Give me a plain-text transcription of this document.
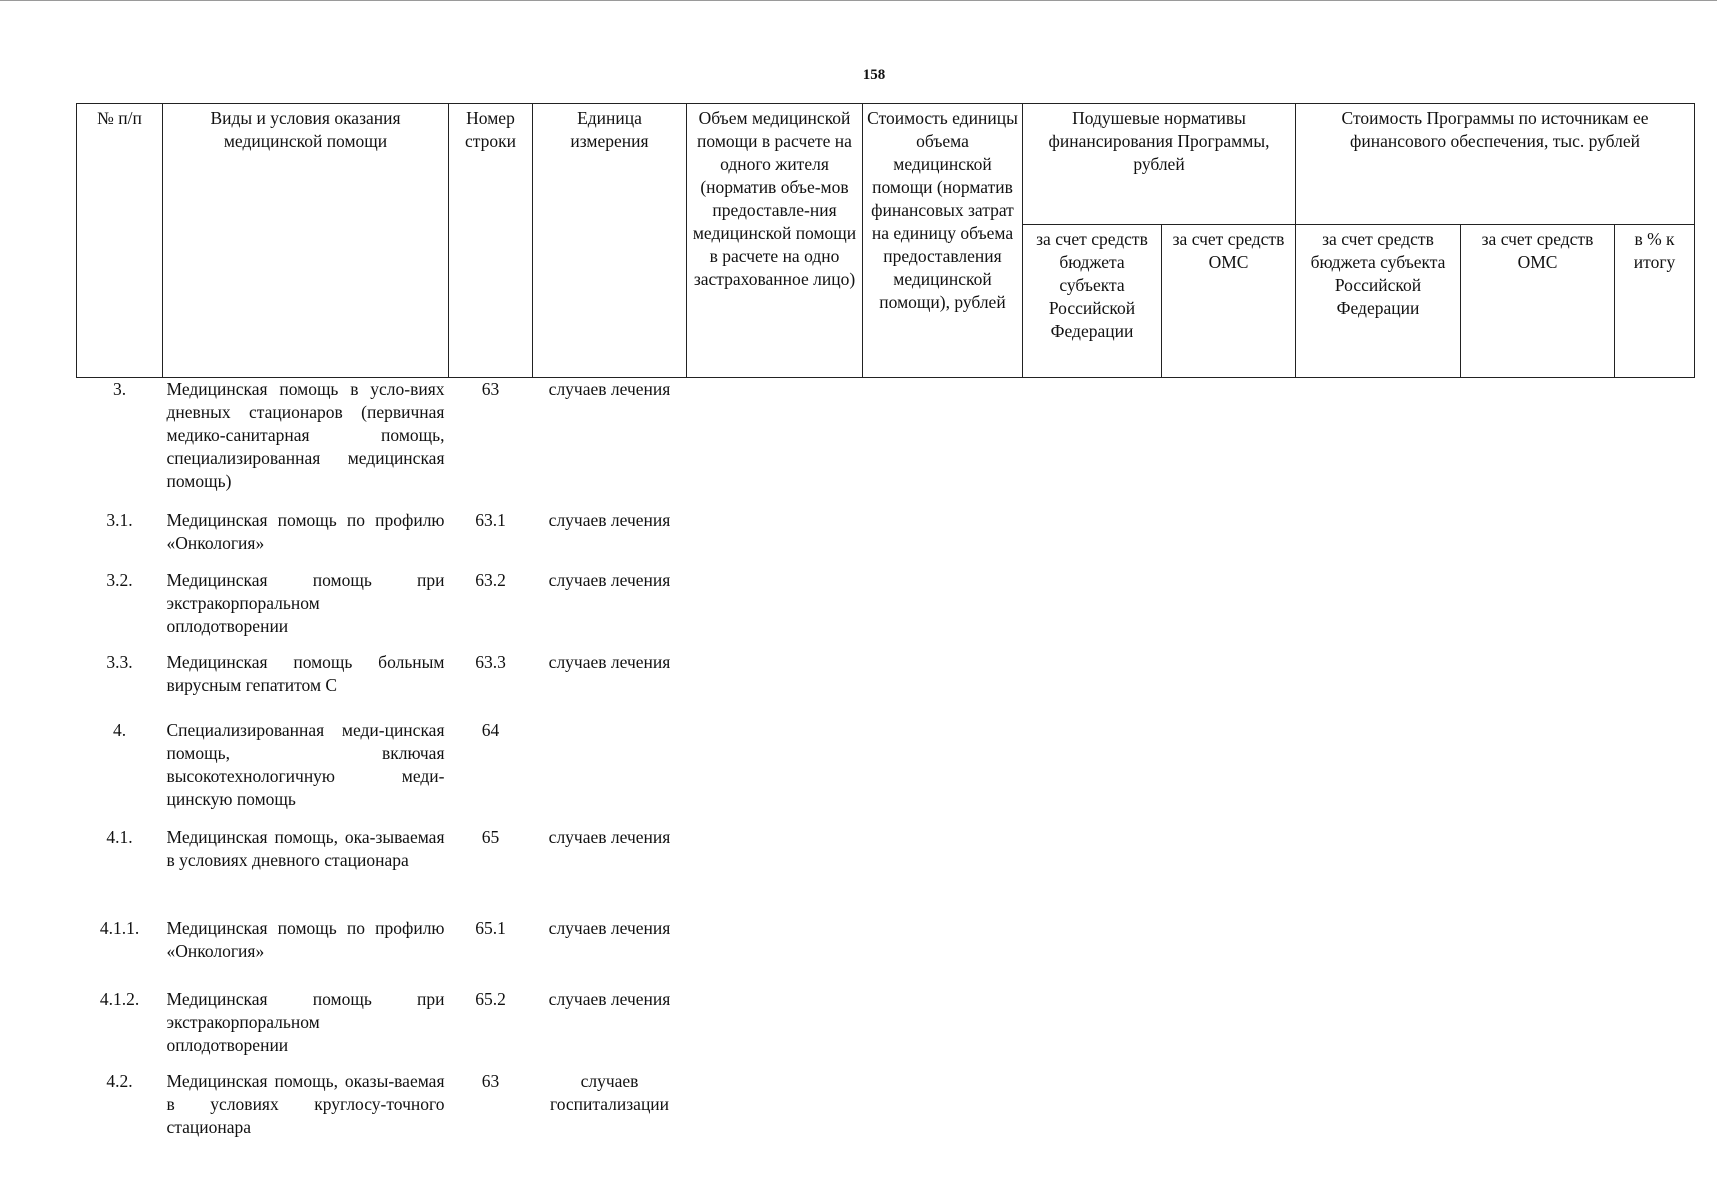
158
№ п/п	Виды и условия оказания медицинской помощи	Номер строки	Единица измерения	Объем медицинской помощи в расчете на одного жителя (норматив объе-мов предоставле-ния медицинской помощи в расчете на одно застрахованное лицо)	Стоимость единицы объема медицинской помощи (норматив финансовых затрат на единицу объема предоставления медицинской помощи), рублей	Подушевые нормативы финансирования Программы, рублей		Стоимость Программы по источникам ее финансового обеспечения, тыс. рублей		
						за счет средств бюджета субъекта Российской Федерации	за счет средств ОМС	за счет средств бюджета субъекта Российской Федерации	за счет средств ОМС	в % к итогу
3.	Медицинская помощь в усло-виях дневных стационаров (первичная медико-санитарная помощь, специализированная медицинская помощь)	63	случаев лечения							
3.1.	Медицинская помощь по профилю «Онкология»	63.1	случаев лечения							
3.2.	Медицинская помощь при экстракорпоральном оплодотворении	63.2	случаев лечения							
3.3.	Медицинская помощь больным вирусным гепатитом С	63.3	случаев лечения							
4.	Специализированная меди-цинская помощь, включая высокотехнологичную меди-цинскую помощь	64								
4.1.	Медицинская помощь, ока-зываемая в условиях дневного стационара	65	случаев лечения							
4.1.1.	Медицинская помощь по профилю «Онкология»	65.1	случаев лечения							
4.1.2.	Медицинская помощь при экстракорпоральном оплодотворении	65.2	случаев лечения							
4.2.	Медицинская помощь, оказы-ваемая в условиях круглосу-точного стационара	63	случаев госпитализации							
